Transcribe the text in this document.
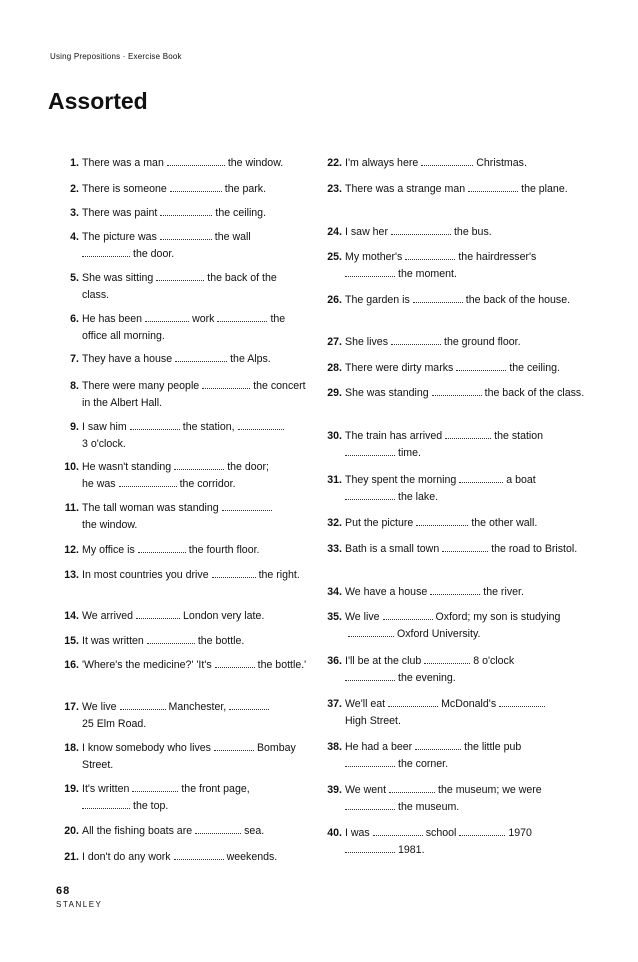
Using Prepositions · Exercise Book
Assorted
1. There was a man	the window.
2. There is someone	the park.
3. There was paint	the ceiling.
4. The picture was	the wall
the door.
5. She was sitting	the back of the class.
6. He has been	work	the office all morning.
7. They have a house	the Alps.
8. There were many people	the concert in the Albert Hall.
9. I saw him	the station,
3 o'clock.
10. He wasn't standing	the door;
he was	the corridor.
11. The tall woman was standing
the window.
12. My office is	the fourth floor.
13. In most countries you drive	the right.
14. We arrived	London very late.
15. It was written	the bottle.
16. 'Where's the medicine?' 'It's	the bottle.'
17. We live	Manchester,
25 Elm Road.
18. I know somebody who lives	Bombay Street.
19. It's written	the front page,
the top.
20. All the fishing boats are	sea.
21. I don't do any work	weekends.
22. I'm always here	Christmas.
23. There was a strange man	the plane.
24. I saw her	the bus.
25. My mother's	the hairdresser's
the moment.
26. The garden is	the back of the house.
27. She lives	the ground floor.
28. There were dirty marks	the ceiling.
29. She was standing	the back of the class.
30. The train has arrived	the station
time.
31. They spent the morning	a boat
the lake.
32. Put the picture	the other wall.
33. Bath is a small town	the road to Bristol.
34. We have a house	the river.
35. We live	Oxford; my son is studyingOxford University.
36. I'll be at the club	8 o'clock
the evening.
37. We'll eat	McDonald's
High Street.
38. He had a beer	the little pub
the corner.
39. We went	the museum; we were
the museum.
40. I was	school	1970
1981.
68
STANLEY
